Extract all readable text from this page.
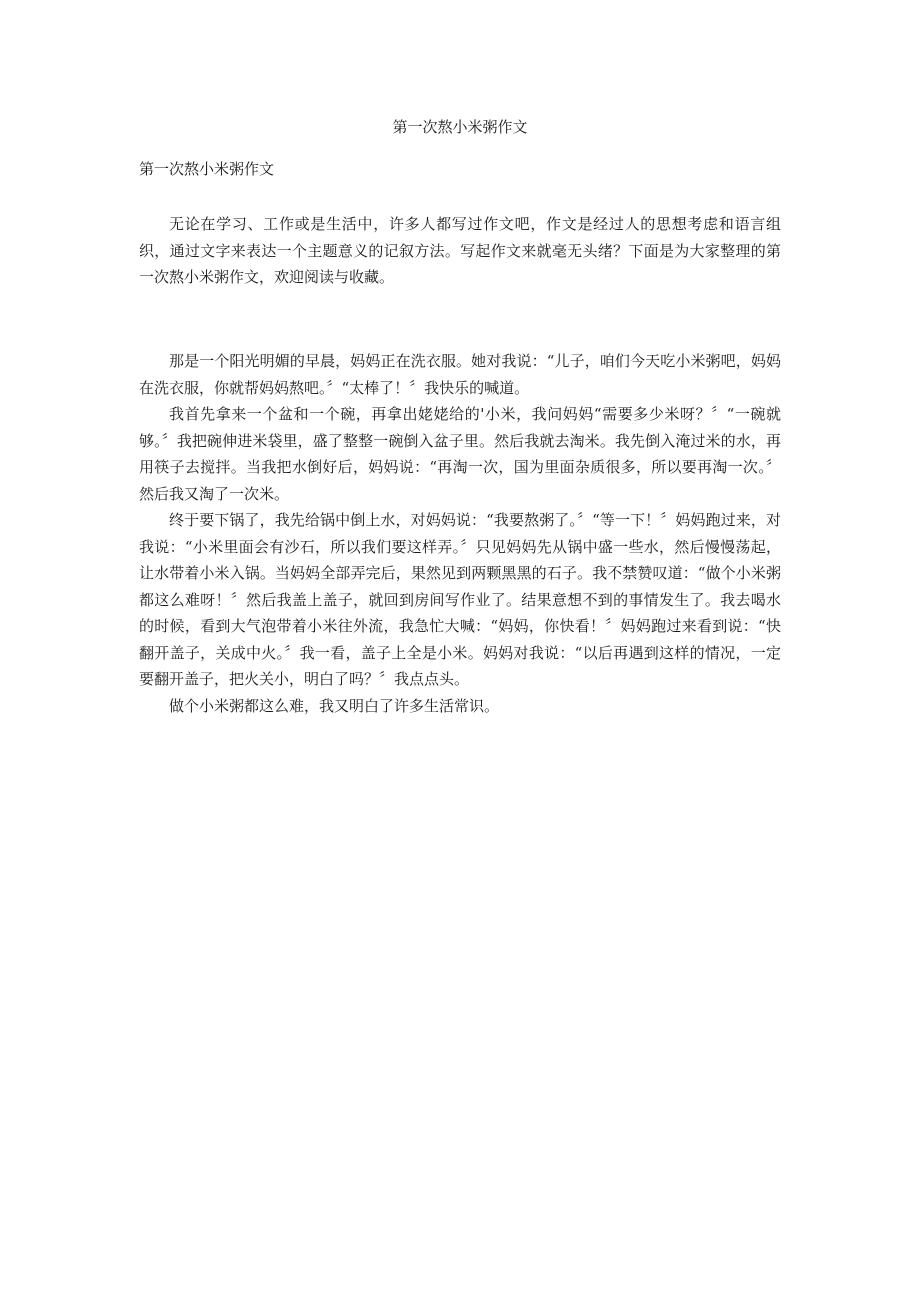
第一次熬小米粥作文
第一次熬小米粥作文

无论在学习、工作或是生活中，许多人都写过作文吧，作文是经过人的思想考虑和语言组织，通过文字来表达一个主题意义的记叙方法。写起作文来就毫无头绪？下面是为大家整理的第一次熬小米粥作文，欢迎阅读与收藏。

那是一个阳光明媚的早晨，妈妈正在洗衣服。她对我说：“儿子，咱们今天吃小米粥吧，妈妈在洗衣服，你就帮妈妈熬吧。〞“太棒了！〞我快乐的喊道。

我首先拿来一个盆和一个碗，再拿出姥姥给的'小米，我问妈妈“需要多少米呀？〞“一碗就够。〞我把碗伸进米袋里，盛了整整一碗倒入盆子里。然后我就去淘米。我先倒入淹过米的水，再用筷子去搅拌。当我把水倒好后，妈妈说：“再淘一次，国为里面杂质很多，所以要再淘一次。〞然后我又淘了一次米。

终于要下锅了，我先给锅中倒上水，对妈妈说：“我要熬粥了。〞“等一下！〞妈妈跑过来，对我说：“小米里面会有沙石，所以我们要这样弄。〞只见妈妈先从锅中盛一些水，然后慢慢荡起，让水带着小米入锅。当妈妈全部弄完后，果然见到两颗黑黑的石子。我不禁赞叹道：“做个小米粥都这么难呀！〞然后我盖上盖子，就回到房间写作业了。结果意想不到的事情发生了。我去喝水的时候，看到大气泡带着小米往外流，我急忙大喊：“妈妈，你快看！〞妈妈跑过来看到说：“快翻开盖子，关成中火。〞我一看，盖子上全是小米。妈妈对我说：“以后再遇到这样的情况，一定要翻开盖子，把火关小，明白了吗？〞我点点头。

做个小米粥都这么难，我又明白了许多生活常识。
